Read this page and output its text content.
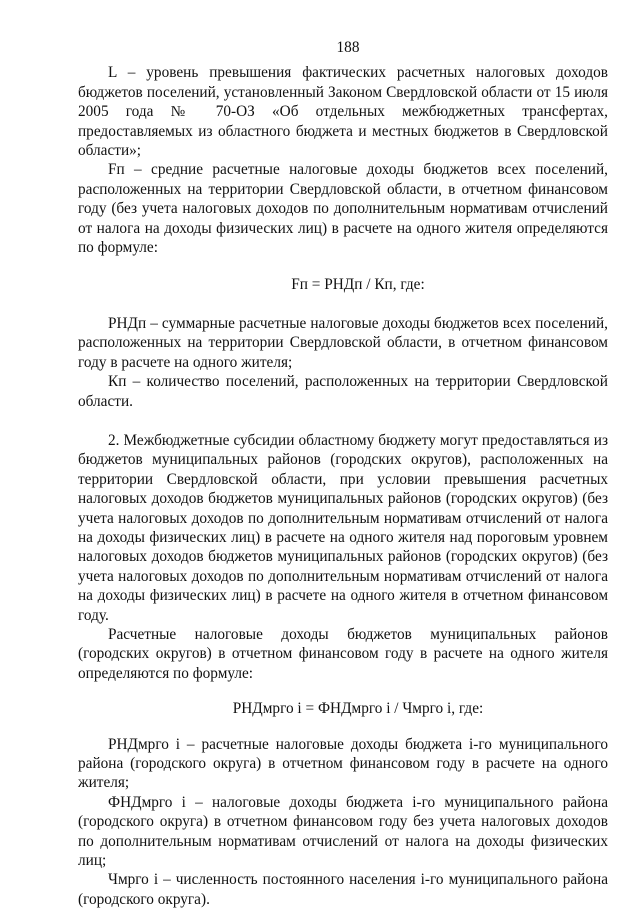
188

L – уровень превышения фактических расчетных налоговых доходов бюджетов поселений, установленный Законом Свердловской области от 15 июля 2005 года № 70-ОЗ «Об отдельных межбюджетных трансфертах, предоставляемых из областного бюджета и местных бюджетов в Свердловской области»;

Fп – средние расчетные налоговые доходы бюджетов всех поселений, расположенных на территории Свердловской области, в отчетном финансовом году (без учета налоговых доходов по дополнительным нормативам отчислений от налога на доходы физических лиц) в расчете на одного жителя определяются по формуле:

Fп = РНДп / Кп, где:

РНДп – суммарные расчетные налоговые доходы бюджетов всех поселений, расположенных на территории Свердловской области, в отчетном финансовом году в расчете на одного жителя;

Кп – количество поселений, расположенных на территории Свердловской области.

2. Межбюджетные субсидии областному бюджету могут предоставляться из бюджетов муниципальных районов (городских округов), расположенных на территории Свердловской области, при условии превышения расчетных налоговых доходов бюджетов муниципальных районов (городских округов) (без учета налоговых доходов по дополнительным нормативам отчислений от налога на доходы физических лиц) в расчете на одного жителя над пороговым уровнем налоговых доходов бюджетов муниципальных районов (городских округов) (без учета налоговых доходов по дополнительным нормативам отчислений от налога на доходы физических лиц) в расчете на одного жителя в отчетном финансовом году.

Расчетные налоговые доходы бюджетов муниципальных районов (городских округов) в отчетном финансовом году в расчете на одного жителя определяются по формуле:

РНДмрго i = ФНДмрго i / Чмрго i, где:

РНДмрго i – расчетные налоговые доходы бюджета i-го муниципального района (городского округа) в отчетном финансовом году в расчете на одного жителя;

ФНДмрго i – налоговые доходы бюджета i-го муниципального района (городского округа) в отчетном финансовом году без учета налоговых доходов по дополнительным нормативам отчислений от налога на доходы физических лиц;

Чмрго i – численность постоянного населения i-го муниципального района (городского округа).
